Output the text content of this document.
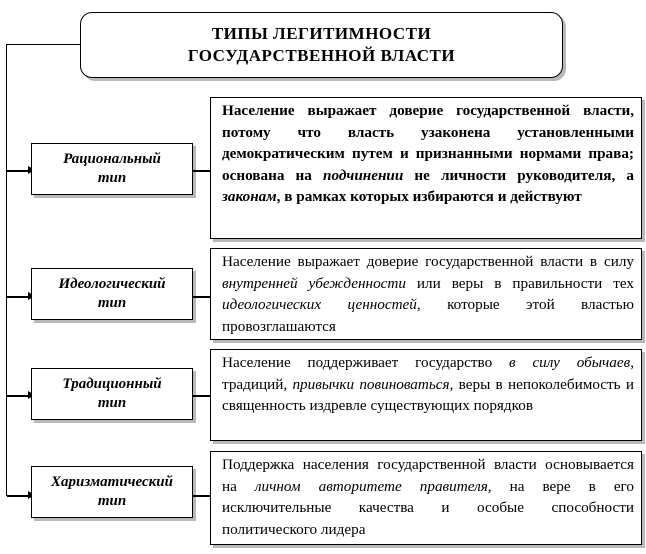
ТИПЫ ЛЕГИТИМНОСТИ
ГОСУДАРСТВЕННОЙ ВЛАСТИ
Рациональный
тип
Население выражает доверие государственной власти, потому что власть узаконена установленными демократическим путем и признанными нормами права; основана на подчинении не личности руководителя, а законам, в рамках которых избираются и действуют
Идеологический
тип
Население выражает доверие государственной власти в силу внутренней убежденности или веры в правильности тех идеологических ценностей, которые этой властью провозглашаются
Традиционный
тип
Население поддерживает государство в силу обычаев, традиций, привычки повиноваться, веры в непоколебимость и священность издревле существующих порядков
Харизматический
тип
Поддержка населения государственной власти основывается на личном авторитете правителя, на вере в его исключительные качества и особые способности политического лидера
